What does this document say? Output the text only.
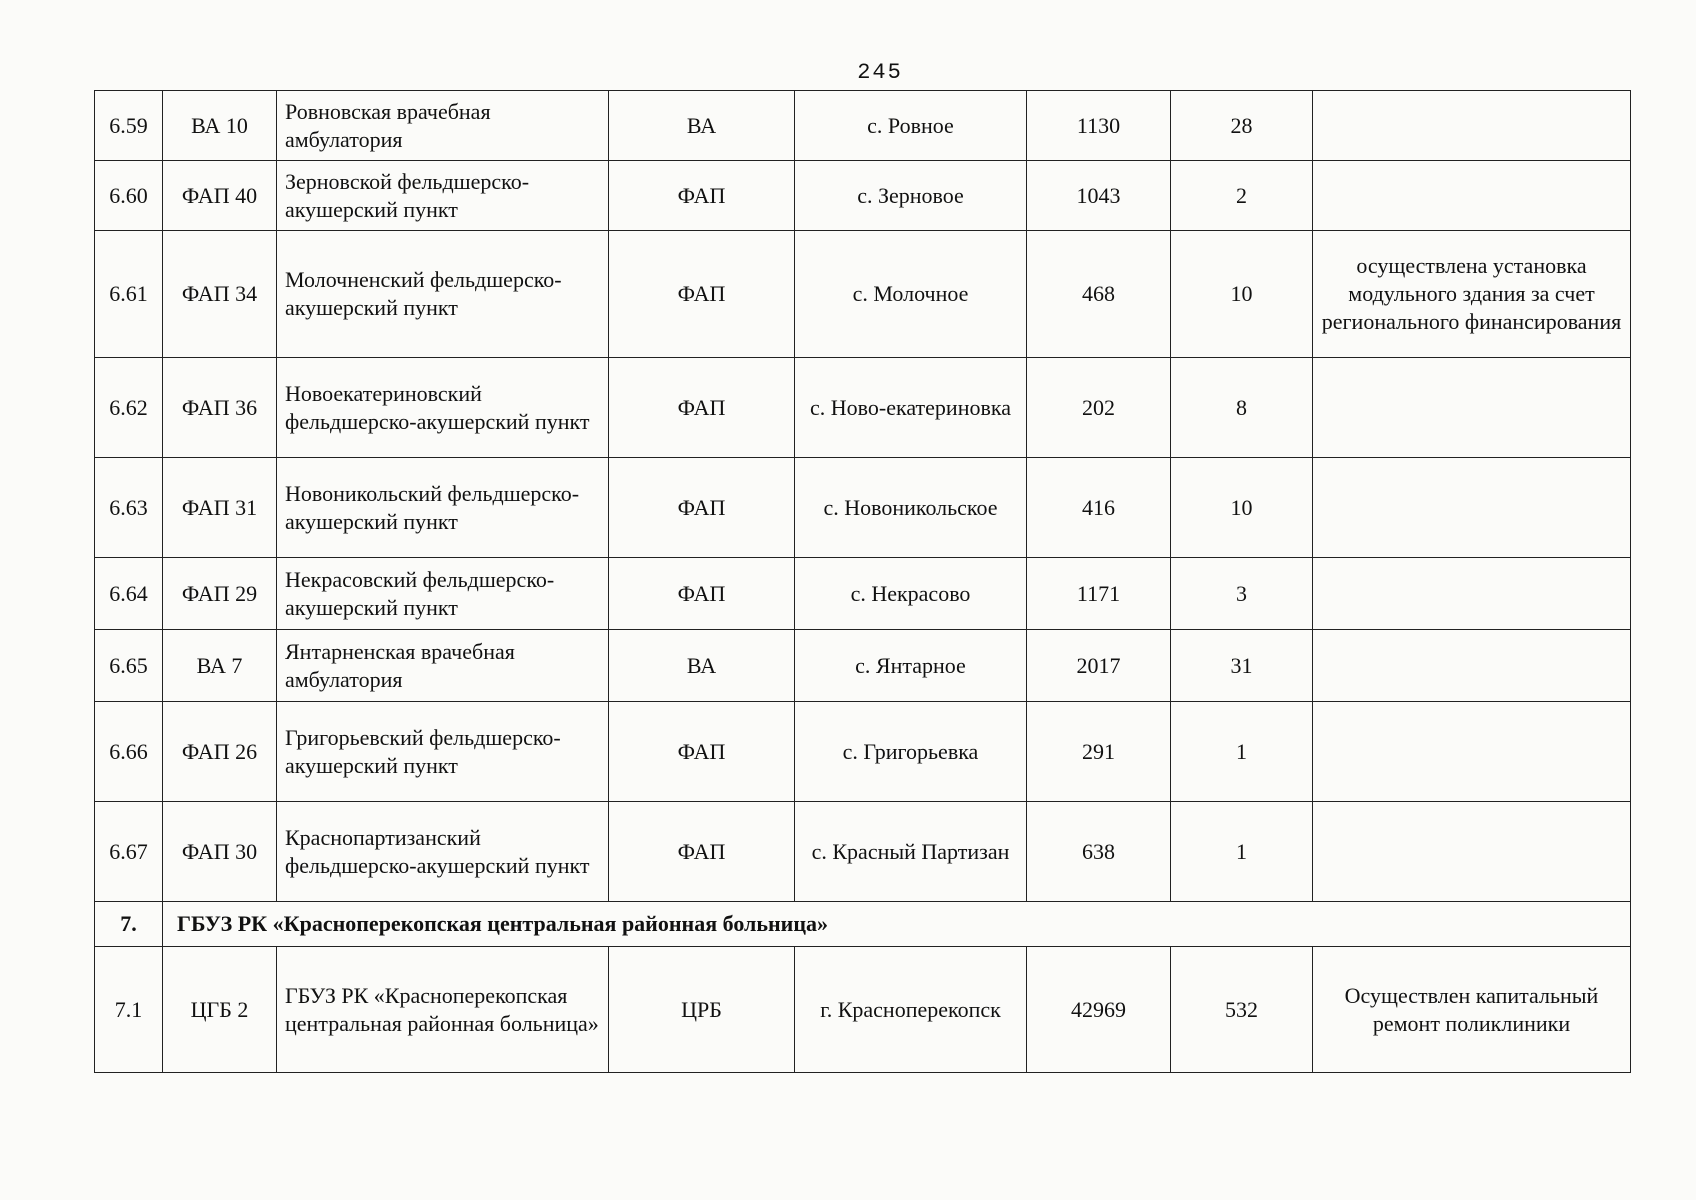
245
6.59	ВА 10	Ровновская врачебная амбулатория	ВА	с. Ровное	1130	28	
6.60	ФАП 40	Зерновской фельдшерско-акушерский пункт	ФАП	с. Зерновое	1043	2	
6.61	ФАП 34	Молочненский фельдшерско-акушерский пункт	ФАП	с. Молочное	468	10	осуществлена установка модульного здания за счет регионального финансирования
6.62	ФАП 36	Новоекатериновский фельдшерско-акушерский пункт	ФАП	с. Ново-екатериновка	202	8	
6.63	ФАП 31	Новоникольский фельдшерско-акушерский пункт	ФАП	с. Новоникольское	416	10	
6.64	ФАП 29	Некрасовский фельдшерско-акушерский пункт	ФАП	с. Некрасово	1171	3	
6.65	ВА 7	Янтарненская врачебная амбулатория	ВА	с. Янтарное	2017	31	
6.66	ФАП 26	Григорьевский фельдшерско-акушерский пункт	ФАП	с. Григорьевка	291	1	
6.67	ФАП 30	Краснопартизанский фельдшерско-акушерский пункт	ФАП	с. Красный Партизан	638	1	
7.	ГБУЗ РК «Красноперекопская центральная районная больница»						
7.1	ЦГБ 2	ГБУЗ РК «Красноперекопская центральная районная больница»	ЦРБ	г. Красноперекопск	42969	532	Осуществлен капитальный ремонт поликлиники
